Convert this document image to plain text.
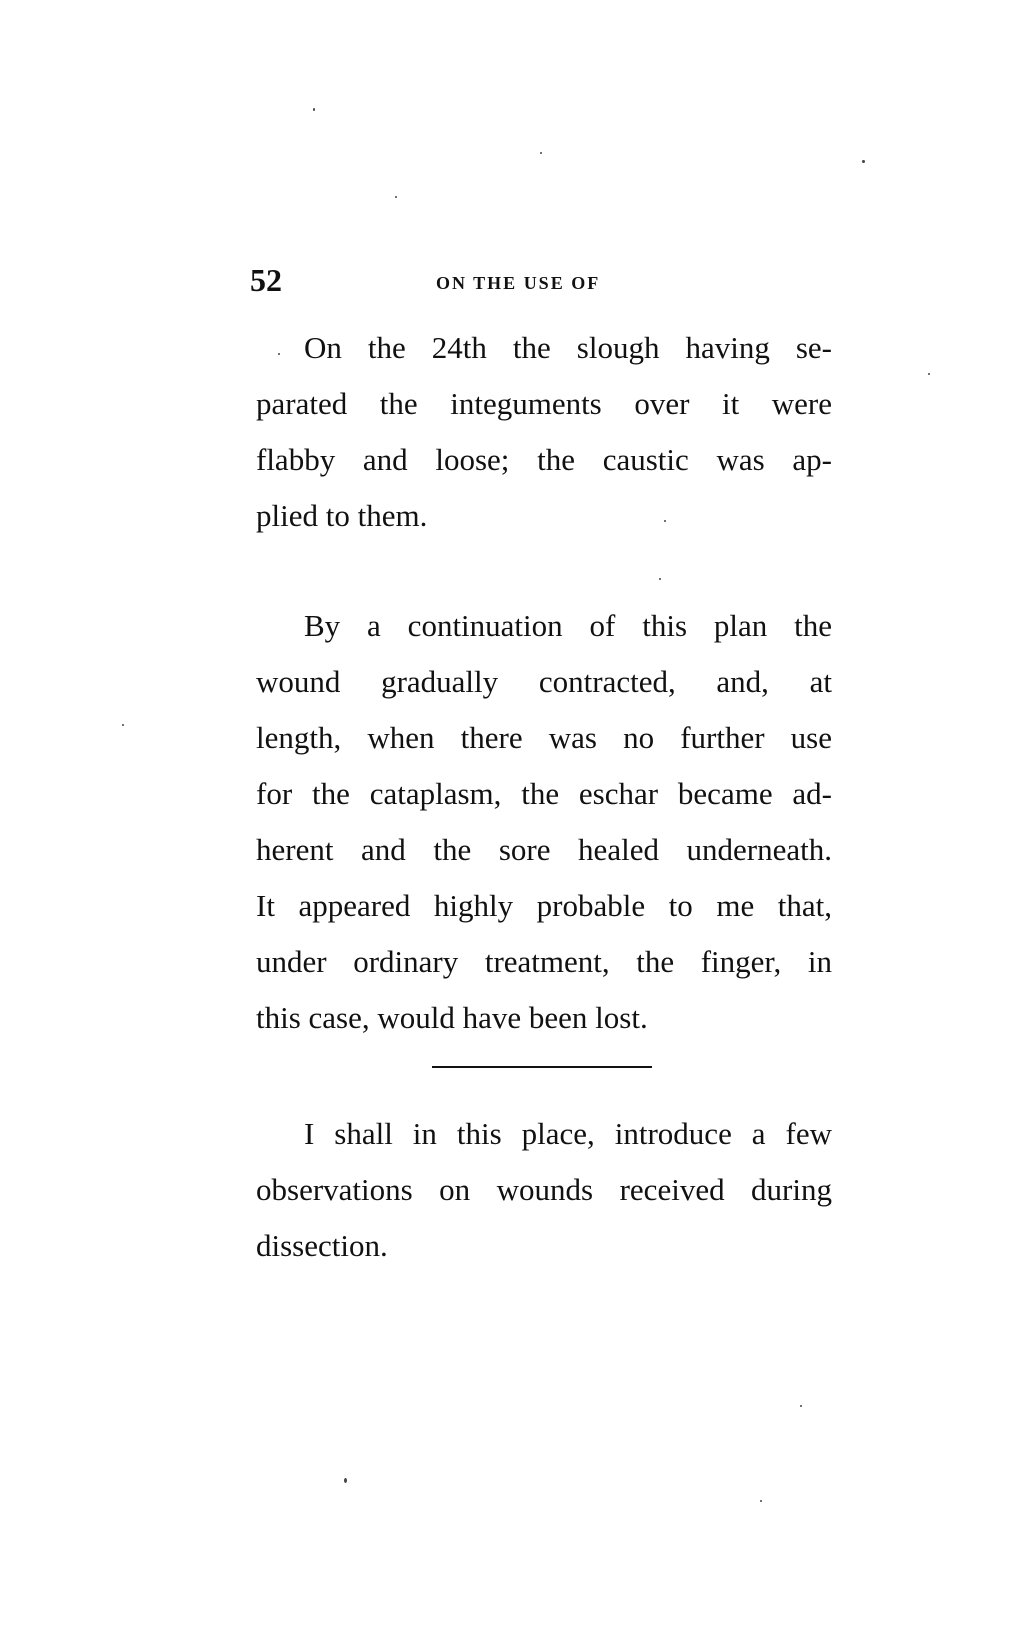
52	ON THE USE OF
On the 24th the slough having se-
parated the integuments over it were
flabby and loose; the caustic was ap-
plied to them.
By a continuation of this plan the
wound gradually contracted, and, at
length, when there was no further use
for the cataplasm, the eschar became ad-
herent and the sore healed underneath.
It appeared highly probable to me that,
under ordinary treatment, the finger, in
this case, would have been lost.
I shall in this place, introduce a few
observations on wounds received during
dissection.
